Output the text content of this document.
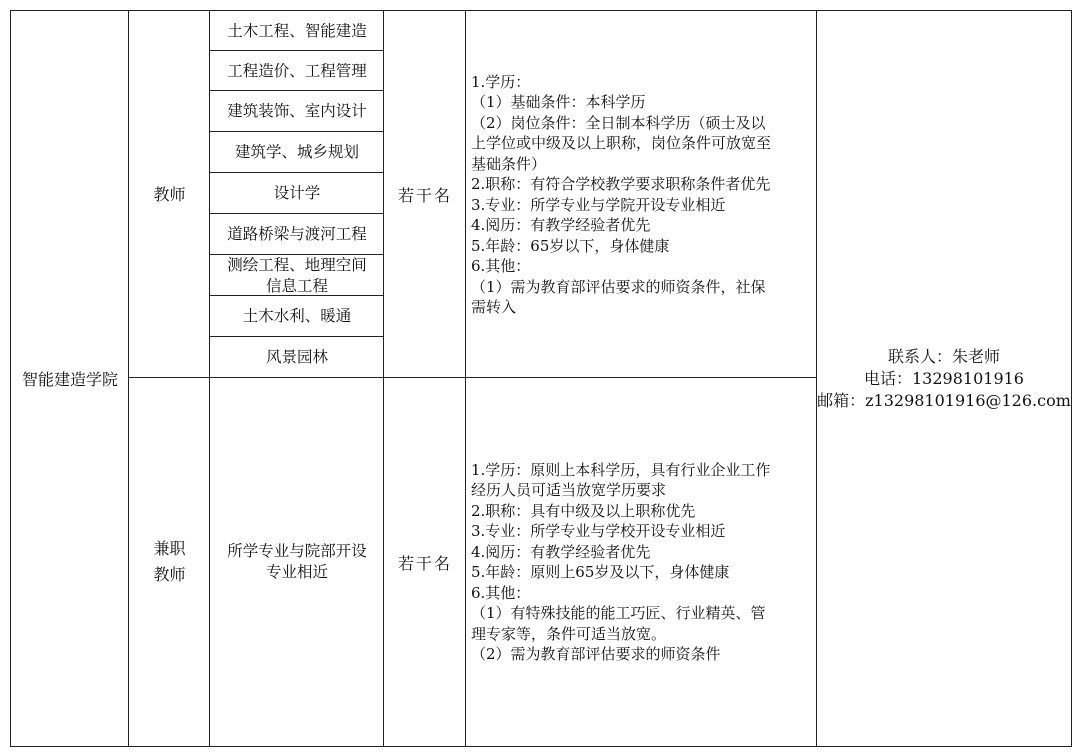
智能建造学院
教师
土木工程、智能建造
工程造价、工程管理
建筑装饰、室内设计
建筑学、城乡规划
设计学
道路桥梁与渡河工程
测绘工程、地理空间
信息工程
土木水利、暖通
风景园林
若干名
1.学历：
（1）基础条件：本科学历
（2）岗位条件：全日制本科学历（硕士及以
上学位或中级及以上职称，岗位条件可放宽至
基础条件）
2.职称：有符合学校教学要求职称条件者优先
3.专业：所学专业与学院开设专业相近
4.阅历：有教学经验者优先
5.年龄：65岁以下，身体健康
6.其他：
（1）需为教育部评估要求的师资条件，社保
需转入
兼职
教师
所学专业与院部开设
专业相近	若干名
1.学历：原则上本科学历，具有行业企业工作
经历人员可适当放宽学历要求
2.职称：具有中级及以上职称优先
3.专业：所学专业与学校开设专业相近
4.阅历：有教学经验者优先
5.年龄：原则上65岁及以下，身体健康
6.其他：
（1）有特殊技能的能工巧匠、行业精英、管
理专家等，条件可适当放宽。
（2）需为教育部评估要求的师资条件
联系人：朱老师
电话：13298101916
邮箱：z13298101916@126.com
